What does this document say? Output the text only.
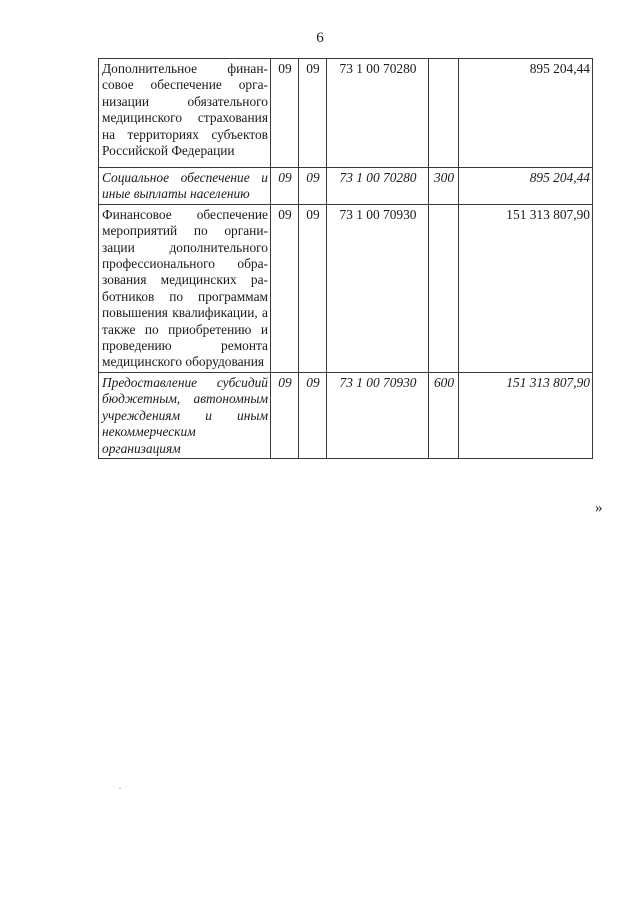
6
Дополнительное финансовое обеспечение организации обязательного медицинского страхования на территориях субъектов Российской Федерации	09	09	73 1 00 70280		895 204,44
Социальное обеспечение и иные выплаты населению	09	09	73 1 00 70280	300	895 204,44
Финансовое обеспечение мероприятий по организации дополнительного профессионального образования медицинских работников по программам повышения квалификации, а также по приобретению и проведению ремонта медицинского оборудования	09	09	73 1 00 70930		151 313 807,90
Предоставление субсидий бюджетным, автономным учреждениям и иным некоммерческим организациям	09	09	73 1 00 70930	600	151 313 807,90
»
